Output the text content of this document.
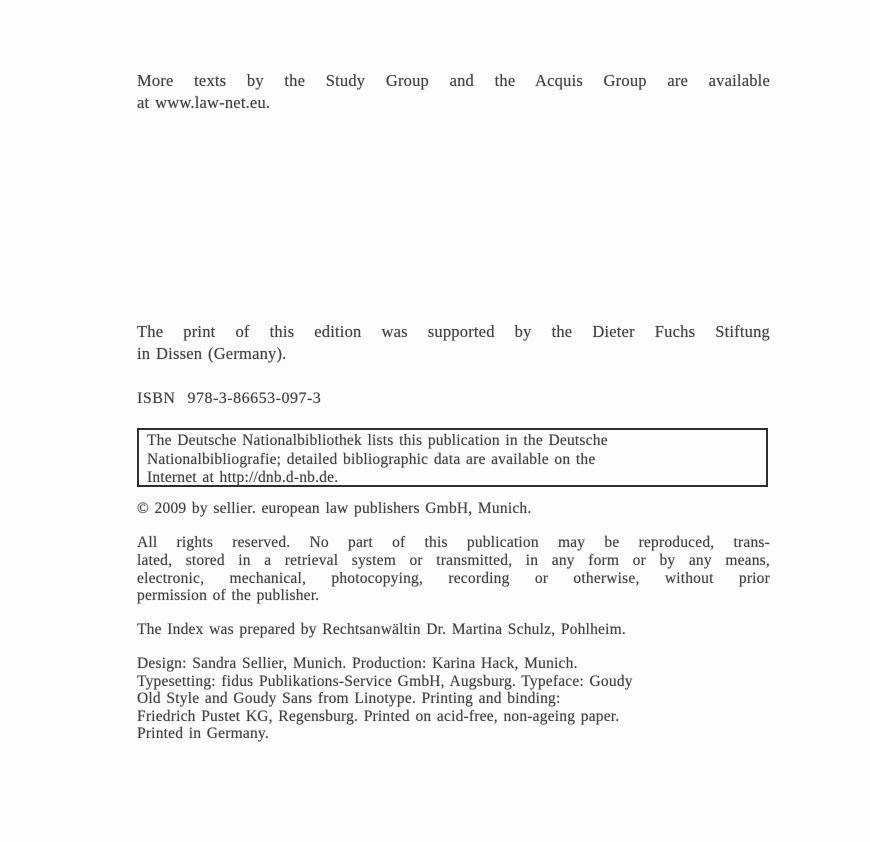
More texts by the Study Group and the Acquis Group are available
at www.law-net.eu.
The print of this edition was supported by the Dieter Fuchs Stiftung
in Dissen (Germany).
ISBN  978-3-86653-097-3
The Deutsche Nationalbibliothek lists this publication in the Deutsche
Nationalbibliografie; detailed bibliographic data are available on the
Internet at http://dnb.d-nb.de.
© 2009 by sellier. european law publishers GmbH, Munich.
All rights reserved. No part of this publication may be reproduced, trans-
lated, stored in a retrieval system or transmitted, in any form or by any means,
electronic, mechanical, photocopying, recording or otherwise, without prior
permission of the publisher.
The Index was prepared by Rechtsanwältin Dr. Martina Schulz, Pohlheim.
Design: Sandra Sellier, Munich. Production: Karina Hack, Munich.
Typesetting: fidus Publikations-Service GmbH, Augsburg. Typeface: Goudy
Old Style and Goudy Sans from Linotype. Printing and binding:
Friedrich Pustet KG, Regensburg. Printed on acid-free, non-ageing paper.
Printed in Germany.
